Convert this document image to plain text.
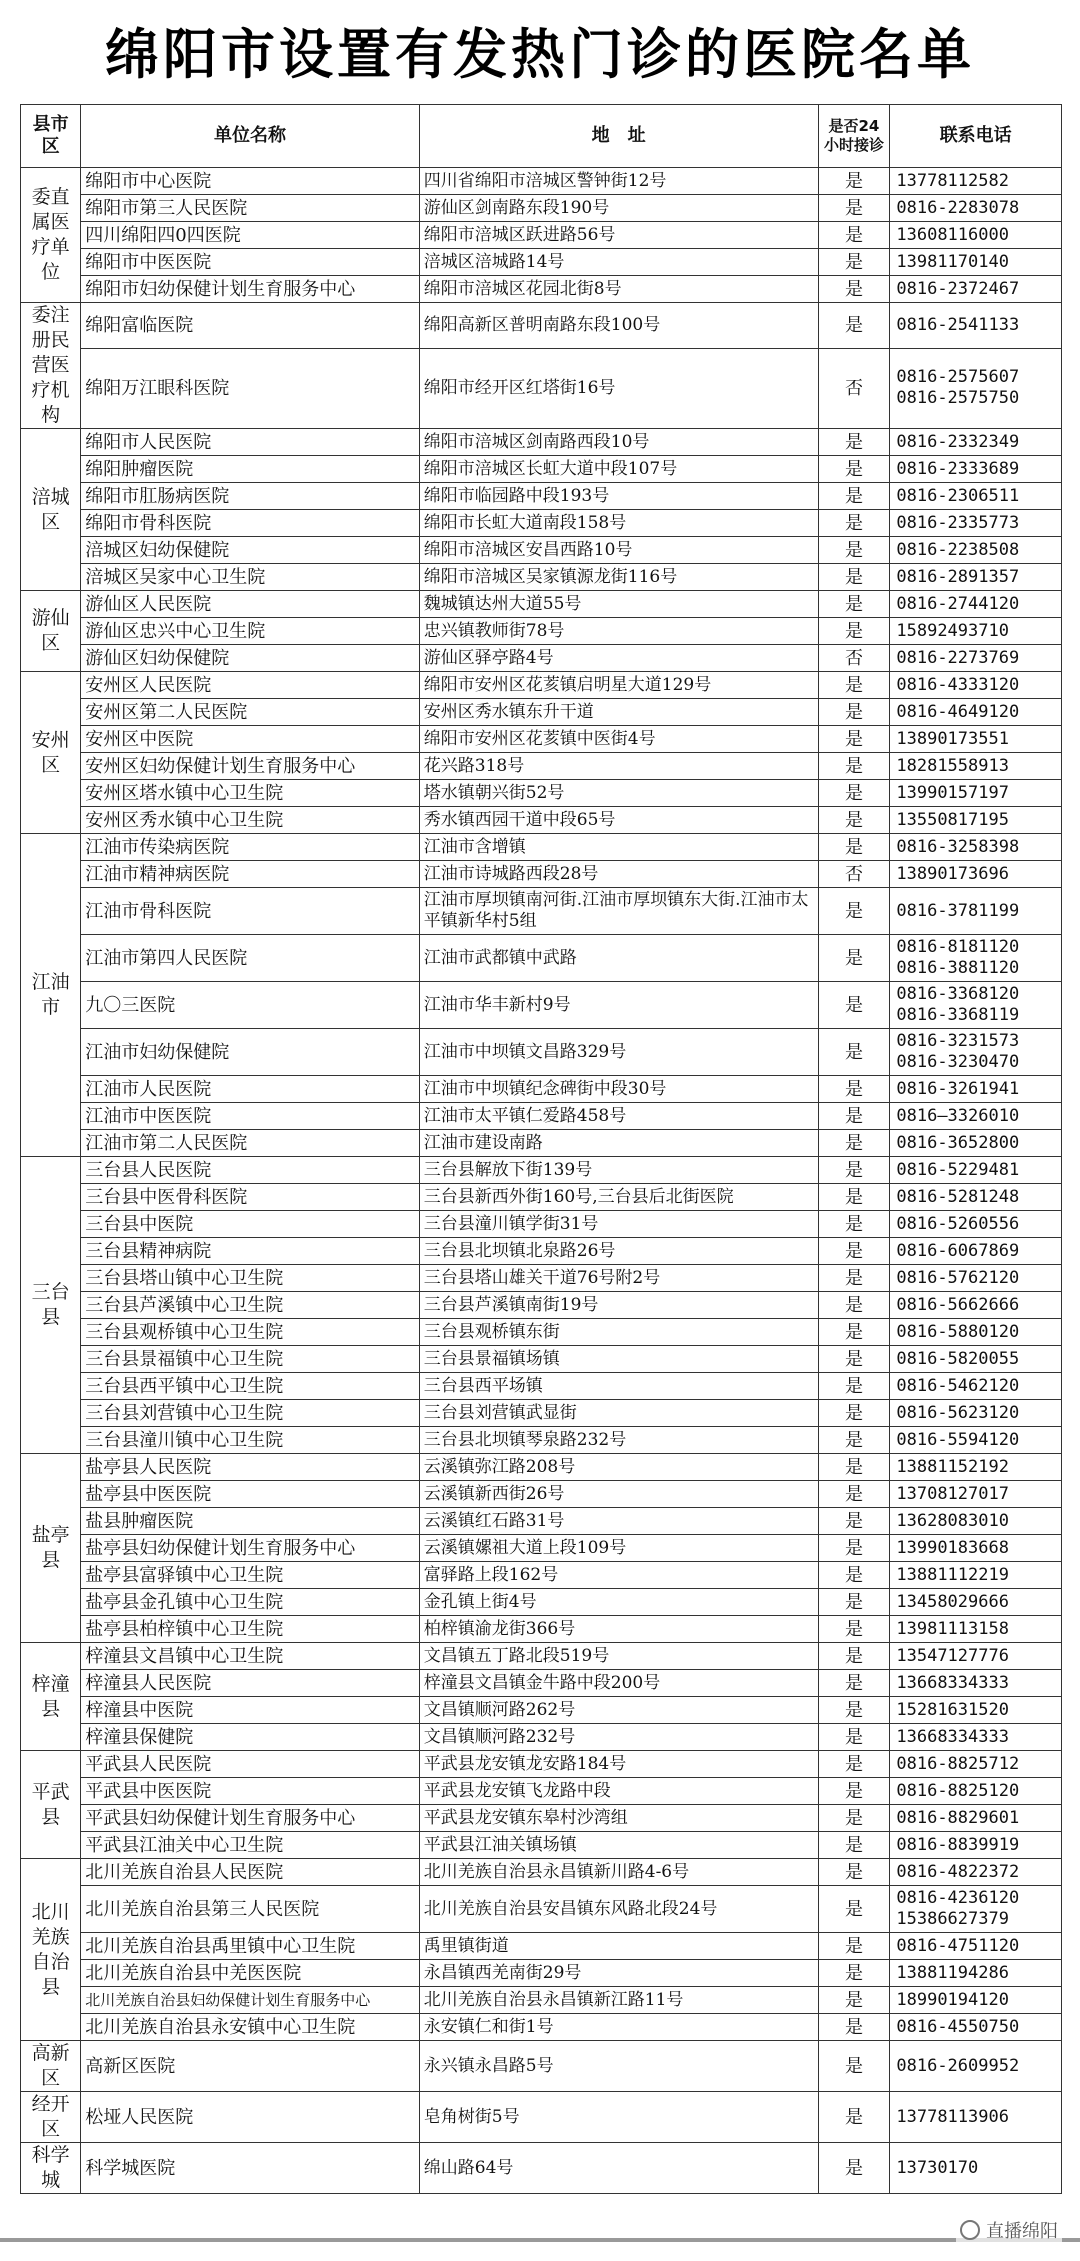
绵阳市设置有发热门诊的医院名单
县市区	单位名称	地　址	是否24小时接诊	联系电话
委直属医疗单位	绵阳市中心医院	四川省绵阳市涪城区警钟街12号	是	13778112582

	绵阳市第三人民医院	游仙区剑南路东段190号	是	0816-2283078

	四川绵阳四0四医院	绵阳市涪城区跃进路56号	是	13608116000

	绵阳市中医医院	涪城区涪城路14号	是	13981170140

	绵阳市妇幼保健计划生育服务中心	绵阳市涪城区花园北街8号	是	0816-2372467

委注册民营医疗机构	绵阳富临医院	绵阳高新区普明南路东段100号	是	0816-2541133

	绵阳万江眼科医院	绵阳市经开区红塔街16号	否	0816-2575607
0816-2575750

涪城区	绵阳市人民医院	绵阳市涪城区剑南路西段10号	是	0816-2332349

	绵阳肿瘤医院	绵阳市涪城区长虹大道中段107号	是	0816-2333689

	绵阳市肛肠病医院	绵阳市临园路中段193号	是	0816-2306511

	绵阳市骨科医院	绵阳市长虹大道南段158号	是	0816-2335773

	涪城区妇幼保健院	绵阳市涪城区安昌西路10号	是	0816-2238508

	涪城区吴家中心卫生院	绵阳市涪城区吴家镇源龙街116号	是	0816-2891357

游仙区	游仙区人民医院	魏城镇达州大道55号	是	0816-2744120

	游仙区忠兴中心卫生院	忠兴镇教师街78号	是	15892493710

	游仙区妇幼保健院	游仙区驿亭路4号	否	0816-2273769

安州区	安州区人民医院	绵阳市安州区花荄镇启明星大道129号	是	0816-4333120

	安州区第二人民医院	安州区秀水镇东升干道	是	0816-4649120

	安州区中医院	绵阳市安州区花荄镇中医街4号	是	13890173551

	安州区妇幼保健计划生育服务中心	花兴路318号	是	18281558913

	安州区塔水镇中心卫生院	塔水镇朝兴街52号	是	13990157197

	安州区秀水镇中心卫生院	秀水镇西园干道中段65号	是	13550817195

江油市	江油市传染病医院	江油市含增镇	是	0816-3258398

	江油市精神病医院	江油市诗城路西段28号	否	13890173696

	江油市骨科医院	江油市厚坝镇南河街.江油市厚坝镇东大街.江油市太平镇新华村5组	是	0816-3781199

	江油市第四人民医院	江油市武都镇中武路	是	0816-8181120
0816-3881120

	九〇三医院	江油市华丰新村9号	是	0816-3368120
0816-3368119

	江油市妇幼保健院	江油市中坝镇文昌路329号	是	0816-3231573
0816-3230470

	江油市人民医院	江油市中坝镇纪念碑街中段30号	是	0816-3261941

	江油市中医医院	江油市太平镇仁爱路458号	是	0816—3326010

	江油市第二人民医院	江油市建设南路	是	0816-3652800

三台县	三台县人民医院	三台县解放下街139号	是	0816-5229481

	三台县中医骨科医院	三台县新西外街160号,三台县后北街医院	是	0816-5281248

	三台县中医院	三台县潼川镇学街31号	是	0816-5260556

	三台县精神病院	三台县北坝镇北泉路26号	是	0816-6067869

	三台县塔山镇中心卫生院	三台县塔山雄关干道76号附2号	是	0816-5762120

	三台县芦溪镇中心卫生院	三台县芦溪镇南街19号	是	0816-5662666

	三台县观桥镇中心卫生院	三台县观桥镇东街	是	0816-5880120

	三台县景福镇中心卫生院	三台县景福镇场镇	是	0816-5820055

	三台县西平镇中心卫生院	三台县西平场镇	是	0816-5462120

	三台县刘营镇中心卫生院	三台县刘营镇武显街	是	0816-5623120

	三台县潼川镇中心卫生院	三台县北坝镇琴泉路232号	是	0816-5594120

盐亭县	盐亭县人民医院	云溪镇弥江路208号	是	13881152192

	盐亭县中医医院	云溪镇新西街26号	是	13708127017

	盐县肿瘤医院	云溪镇红石路31号	是	13628083010

	盐亭县妇幼保健计划生育服务中心	云溪镇嫘祖大道上段109号	是	13990183668

	盐亭县富驿镇中心卫生院	富驿路上段162号	是	13881112219

	盐亭县金孔镇中心卫生院	金孔镇上街4号	是	13458029666

	盐亭县柏梓镇中心卫生院	柏梓镇渝龙街366号	是	13981113158

梓潼县	梓潼县文昌镇中心卫生院	文昌镇五丁路北段519号	是	13547127776

	梓潼县人民医院	梓潼县文昌镇金牛路中段200号	是	13668334333

	梓潼县中医院	文昌镇顺河路262号	是	15281631520

	梓潼县保健院	文昌镇顺河路232号	是	13668334333

平武县	平武县人民医院	平武县龙安镇龙安路184号	是	0816-8825712

	平武县中医医院	平武县龙安镇飞龙路中段	是	0816-8825120

	平武县妇幼保健计划生育服务中心	平武县龙安镇东皋村沙湾组	是	0816-8829601

	平武县江油关中心卫生院	平武县江油关镇场镇	是	0816-8839919

北川羌族自治县	北川羌族自治县人民医院	北川羌族自治县永昌镇新川路4-6号	是	0816-4822372

	北川羌族自治县第三人民医院	北川羌族自治县安昌镇东风路北段24号	是	0816-4236120
15386627379

	北川羌族自治县禹里镇中心卫生院	禹里镇街道	是	0816-4751120

	北川羌族自治县中羌医医院	永昌镇西羌南街29号	是	13881194286

	北川羌族自治县妇幼保健计划生育服务中心	北川羌族自治县永昌镇新江路11号	是	18990194120

	北川羌族自治县永安镇中心卫生院	永安镇仁和街1号	是	0816-4550750

高新区	高新区医院	永兴镇永昌路5号	是	0816-2609952

经开区	松垭人民医院	皂角树街5号	是	13778113906

科学城	科学城医院	绵山路64号	是	13730170
直播绵阳
